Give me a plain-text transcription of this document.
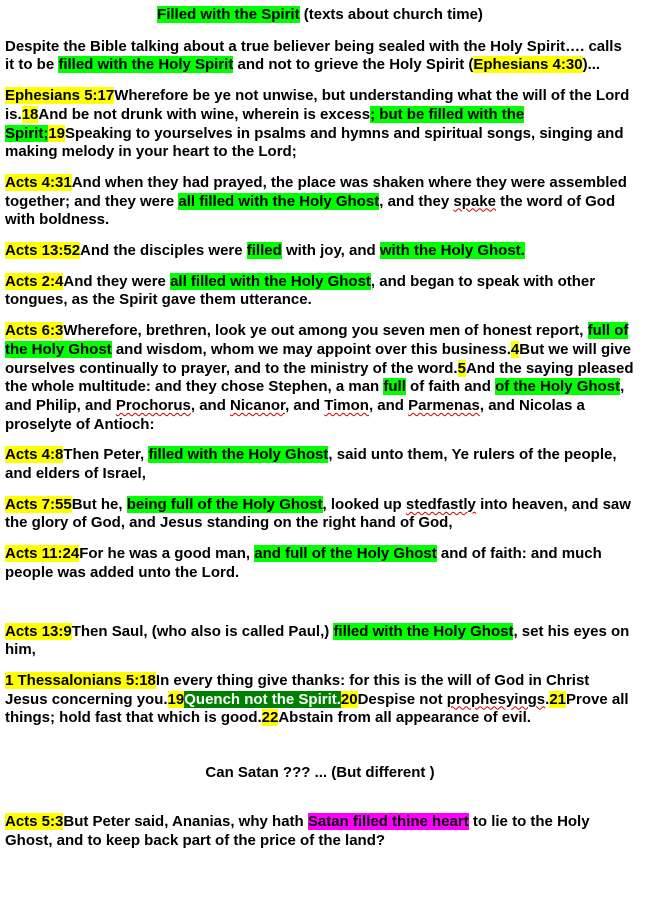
Filled with the Spirit (texts about church time)

Despite the Bible talking about a true believer being sealed with the Holy Spirit…. calls it to be filled with the Holy Spirit and not to grieve the Holy Spirit (Ephesians 4:30)...

Ephesians 5:17Wherefore be ye not unwise, but understanding what the will of the Lord is.18And be not drunk with wine, wherein is excess; but be filled with the Spirit;19Speaking to yourselves in psalms and hymns and spiritual songs, singing and making melody in your heart to the Lord;

Acts 4:31And when they had prayed, the place was shaken where they were assembled together; and they were all filled with the Holy Ghost, and they spake the word of God with boldness.

Acts 13:52And the disciples were filled with joy, and with the Holy Ghost.

Acts 2:4And they were all filled with the Holy Ghost, and began to speak with other tongues, as the Spirit gave them utterance.

Acts 6:3Wherefore, brethren, look ye out among you seven men of honest report, full of the Holy Ghost and wisdom, whom we may appoint over this business.4But we will give ourselves continually to prayer, and to the ministry of the word.5And the saying pleased the whole multitude: and they chose Stephen, a man full of faith and of the Holy Ghost, and Philip, and Prochorus, and Nicanor, and Timon, and Parmenas, and Nicolas a proselyte of Antioch:

Acts 4:8Then Peter, filled with the Holy Ghost, said unto them, Ye rulers of the people, and elders of Israel,

Acts 7:55But he, being full of the Holy Ghost, looked up stedfastly into heaven, and saw the glory of God, and Jesus standing on the right hand of God,

Acts 11:24For he was a good man, and full of the Holy Ghost and of faith: and much people was added unto the Lord.

Acts 13:9Then Saul, (who also is called Paul,) filled with the Holy Ghost, set his eyes on him,

1 Thessalonians 5:18In every thing give thanks: for this is the will of God in Christ Jesus concerning you.19Quench not the Spirit.20Despise not prophesyings.21Prove all things; hold fast that which is good.22Abstain from all appearance of evil.

Can Satan ??? ... (But different )

Acts 5:3But Peter said, Ananias, why hath Satan filled thine heart to lie to the Holy Ghost, and to keep back part of the price of the land?
